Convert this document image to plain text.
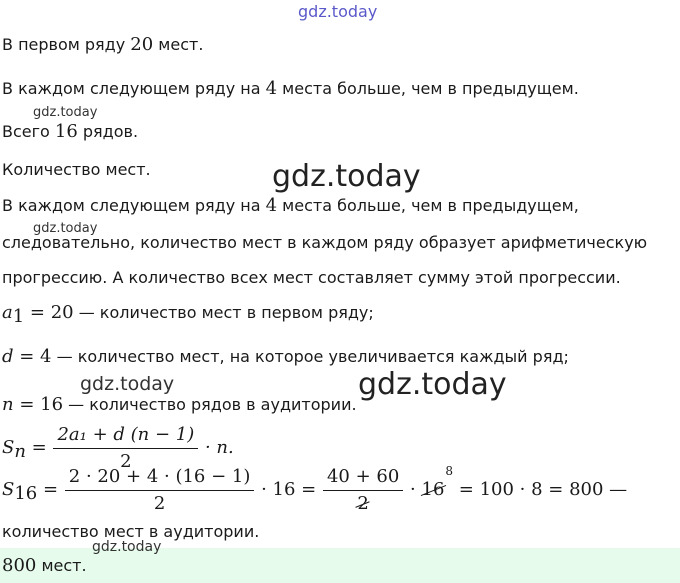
gdz.today
gdz.today
gdz.today
gdz.today
gdz.today	gdz.today
В первом ряду 20 мест.
В каждом следующем ряду на 4 места больше, чем в предыдущем.
Всего 16 рядов.
Количество мест.
В каждом следующем ряду на 4 места больше, чем в предыдущем,
следовательно, количество мест в каждом ряду образует арифметическую
прогрессию. А количество всех мест составляет сумму этой прогрессии.
$a_1 = 20$ — количество мест в первом ряду;
d = 4 — количество мест, на которое увеличивается каждый ряд;
n = 16 — количество рядов в аудитории.
$S_n = \frac{\text{2a₁ + d (n − 1)}}{2} \cdot n$.
$S_{16} = \frac{2 \cdot 20 + 4 \cdot (16 - 1)}{2} \cdot 16 = \frac{40 + 60}{2} \cdot 16^8 = 100 \cdot 8 = 800$ —
количество мест в аудитории.
gdz.today
800 мест.
